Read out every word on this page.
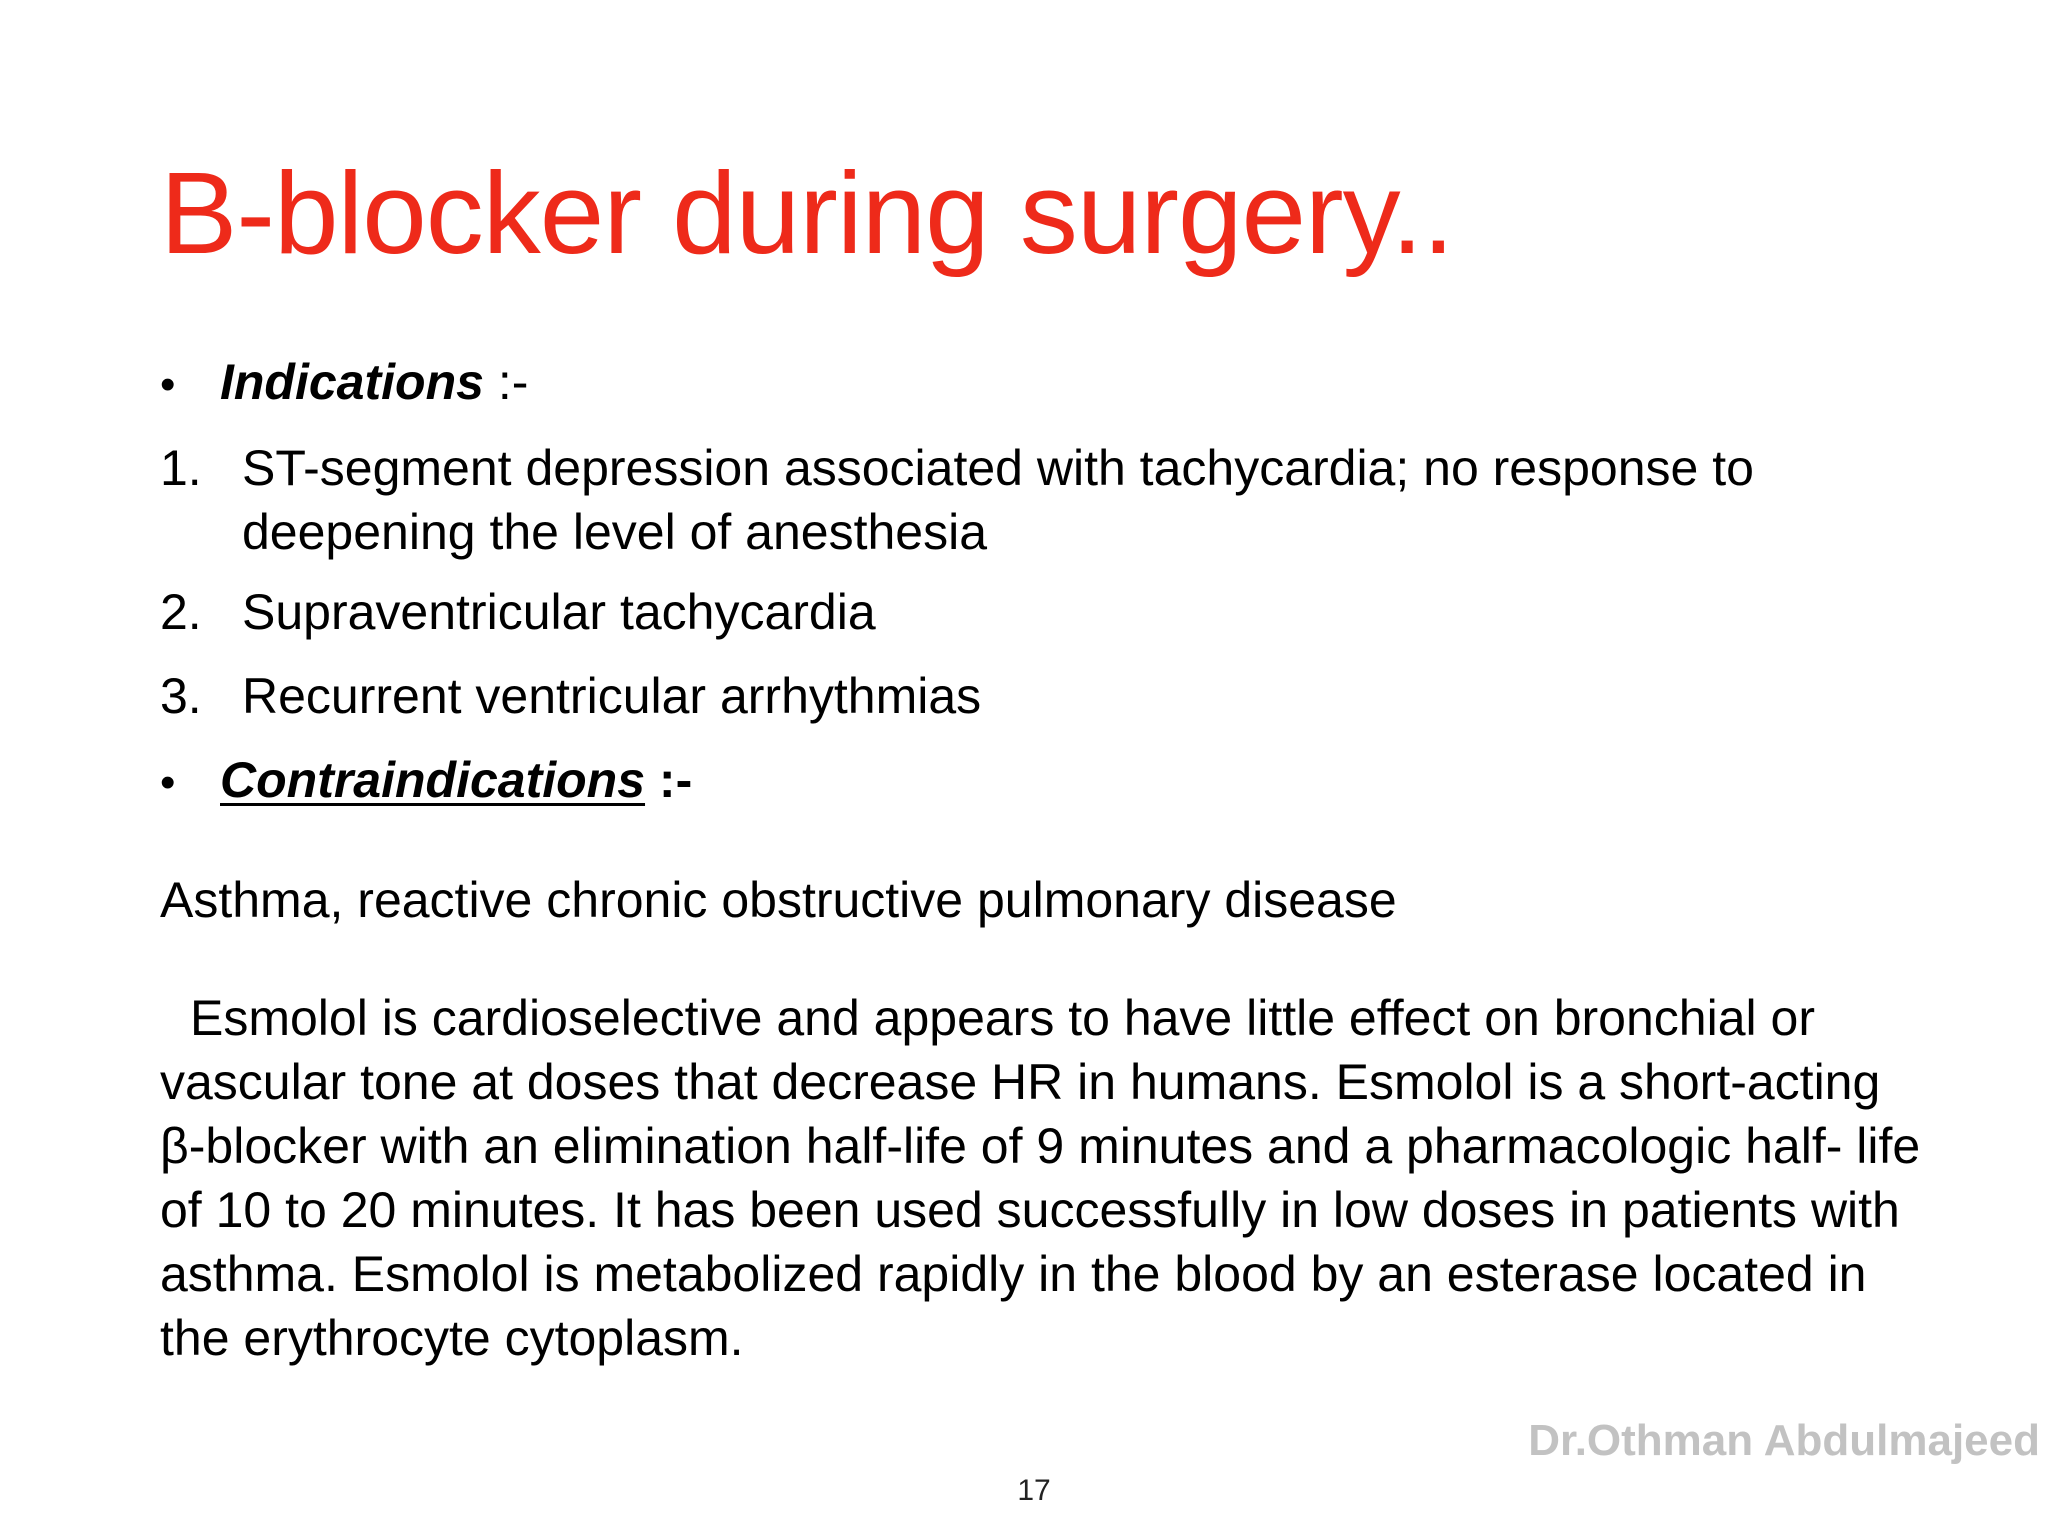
B-blocker during surgery..
• Indications :-
1. ST-segment depression associated with tachycardia; no response to deepening the level of anesthesia
2. Supraventricular tachycardia
3. Recurrent ventricular arrhythmias
• Contraindications :-

Asthma, reactive chronic obstructive pulmonary disease

Esmolol is cardioselective and appears to have little effect on bronchial or vascular tone at doses that decrease HR in humans. Esmolol is a short-acting β-blocker with an elimination half-life of 9 minutes and a pharmacologic half- life of 10 to 20 minutes. It has been used successfully in low doses in patients with asthma. Esmolol is metabolized rapidly in the blood by an esterase located in the erythrocyte cytoplasm.

Dr.Othman Abdulmajeed
17
